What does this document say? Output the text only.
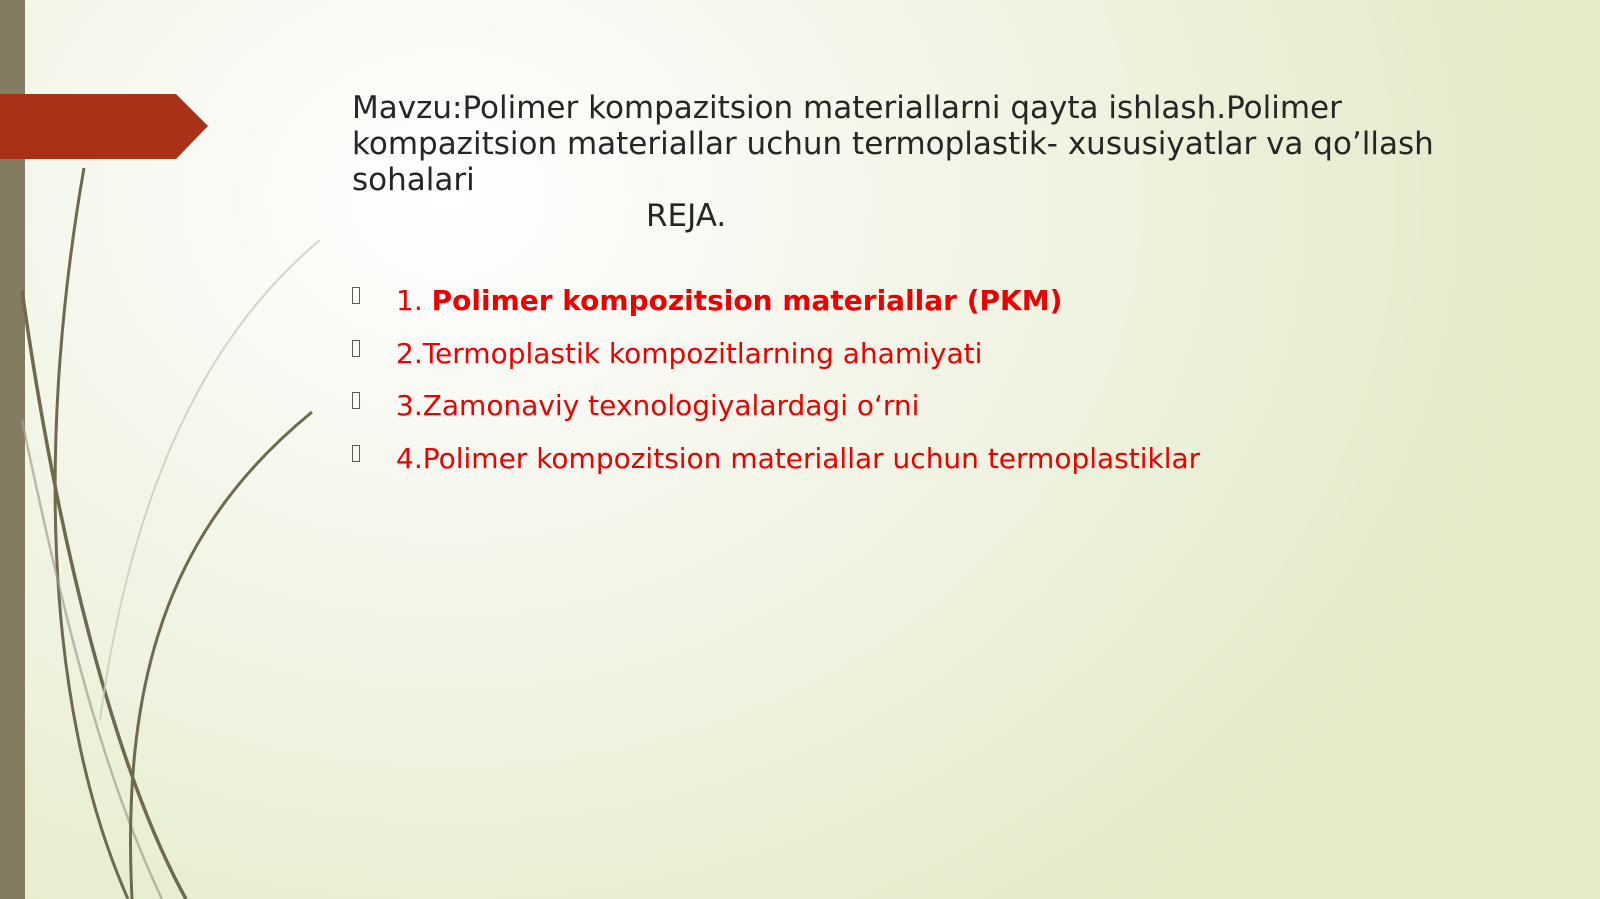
Mavzu:Polimer kompazitsion materiallarni qayta ishlash.Polimer kompazitsion materiallar uchun termoplastik- xususiyatlar va qo’llash sohalari
REJA.
1. Polimer kompozitsion materiallar (PKM)
2.Termoplastik kompozitlarning ahamiyati
3.Zamonaviy texnologiyalardagi o‘rni
4.Polimer kompozitsion materiallar uchun termoplastiklar
